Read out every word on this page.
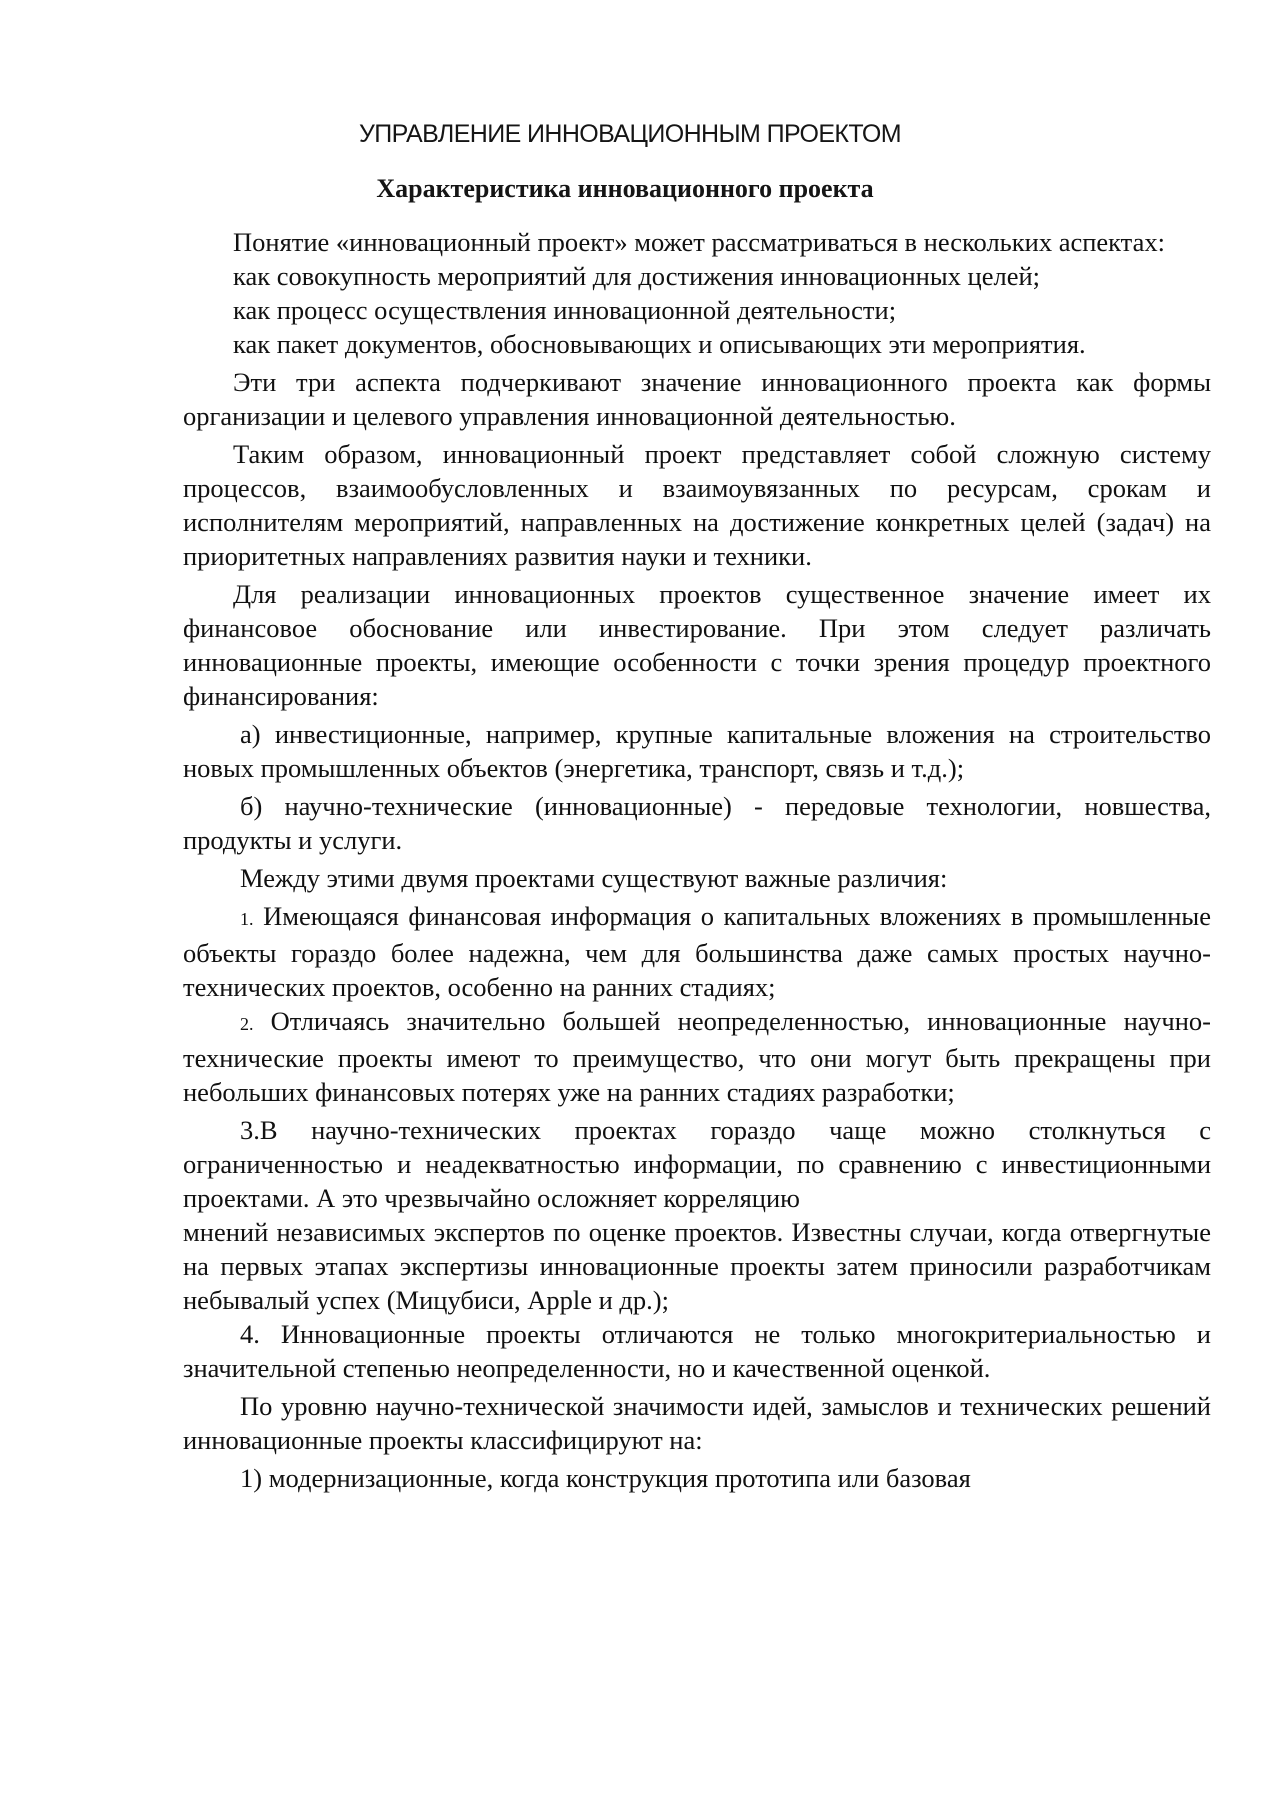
УПРАВЛЕНИЕ ИННОВАЦИОННЫМ ПРОЕКТОМ
Характеристика инновационного проекта

Понятие «инновационный проект» может рассматриваться в нескольких аспектах:

как совокупность мероприятий для достижения инновационных целей;

как процесс осуществления инновационной деятельности;

как пакет документов, обосновывающих и описывающих эти мероприятия.

Эти три аспекта подчеркивают значение инновационного проекта как формы организации и целевого управления инновационной деятельностью.

Таким образом, инновационный проект представляет собой сложную систему процессов, взаимообусловленных и взаимоувязанных по ресурсам, срокам и исполнителям мероприятий, направленных на достижение конкретных целей (задач) на приоритетных направлениях развития науки и техники.

Для реализации инновационных проектов существенное значение имеет их финансовое обоснование или инвестирование. При этом следует различать инновационные проекты, имеющие особенности с точки зрения процедур проектного финансирования:

а) инвестиционные, например, крупные капитальные вложения на строительство новых промышленных объектов (энергетика, транспорт, связь и т.д.);

б) научно-технические (инновационные) - передовые технологии, новшества, продукты и услуги.

Между этими двумя проектами существуют важные различия:

1. Имеющаяся финансовая информация о капитальных вложениях в промышленные объекты гораздо более надежна, чем для большинства даже самых простых научно-технических проектов, особенно на ранних стадиях;

2. Отличаясь значительно большей неопределенностью, инновационные научно-технические проекты имеют то преимущество, что они могут быть прекращены при небольших финансовых потерях уже на ранних стадиях разработки;

3.В научно-технических проектах гораздо чаще можно столкнуться с ограниченностью и неадекватностью информации, по сравнению с инвестиционными проектами. А это чрезвычайно осложняет корреляцию

мнений независимых экспертов по оценке проектов. Известны случаи, когда отвергнутые на первых этапах экспертизы инновационные проекты затем приносили разработчикам небывалый успех (Мицубиси, Apple и др.);

4. Инновационные проекты отличаются не только многокритериальностью и значительной степенью неопределенности, но и качественной оценкой.

По уровню научно-технической значимости идей, замыслов и технических решений инновационные проекты классифицируют на:

1) модернизационные, когда конструкция прототипа или базовая
